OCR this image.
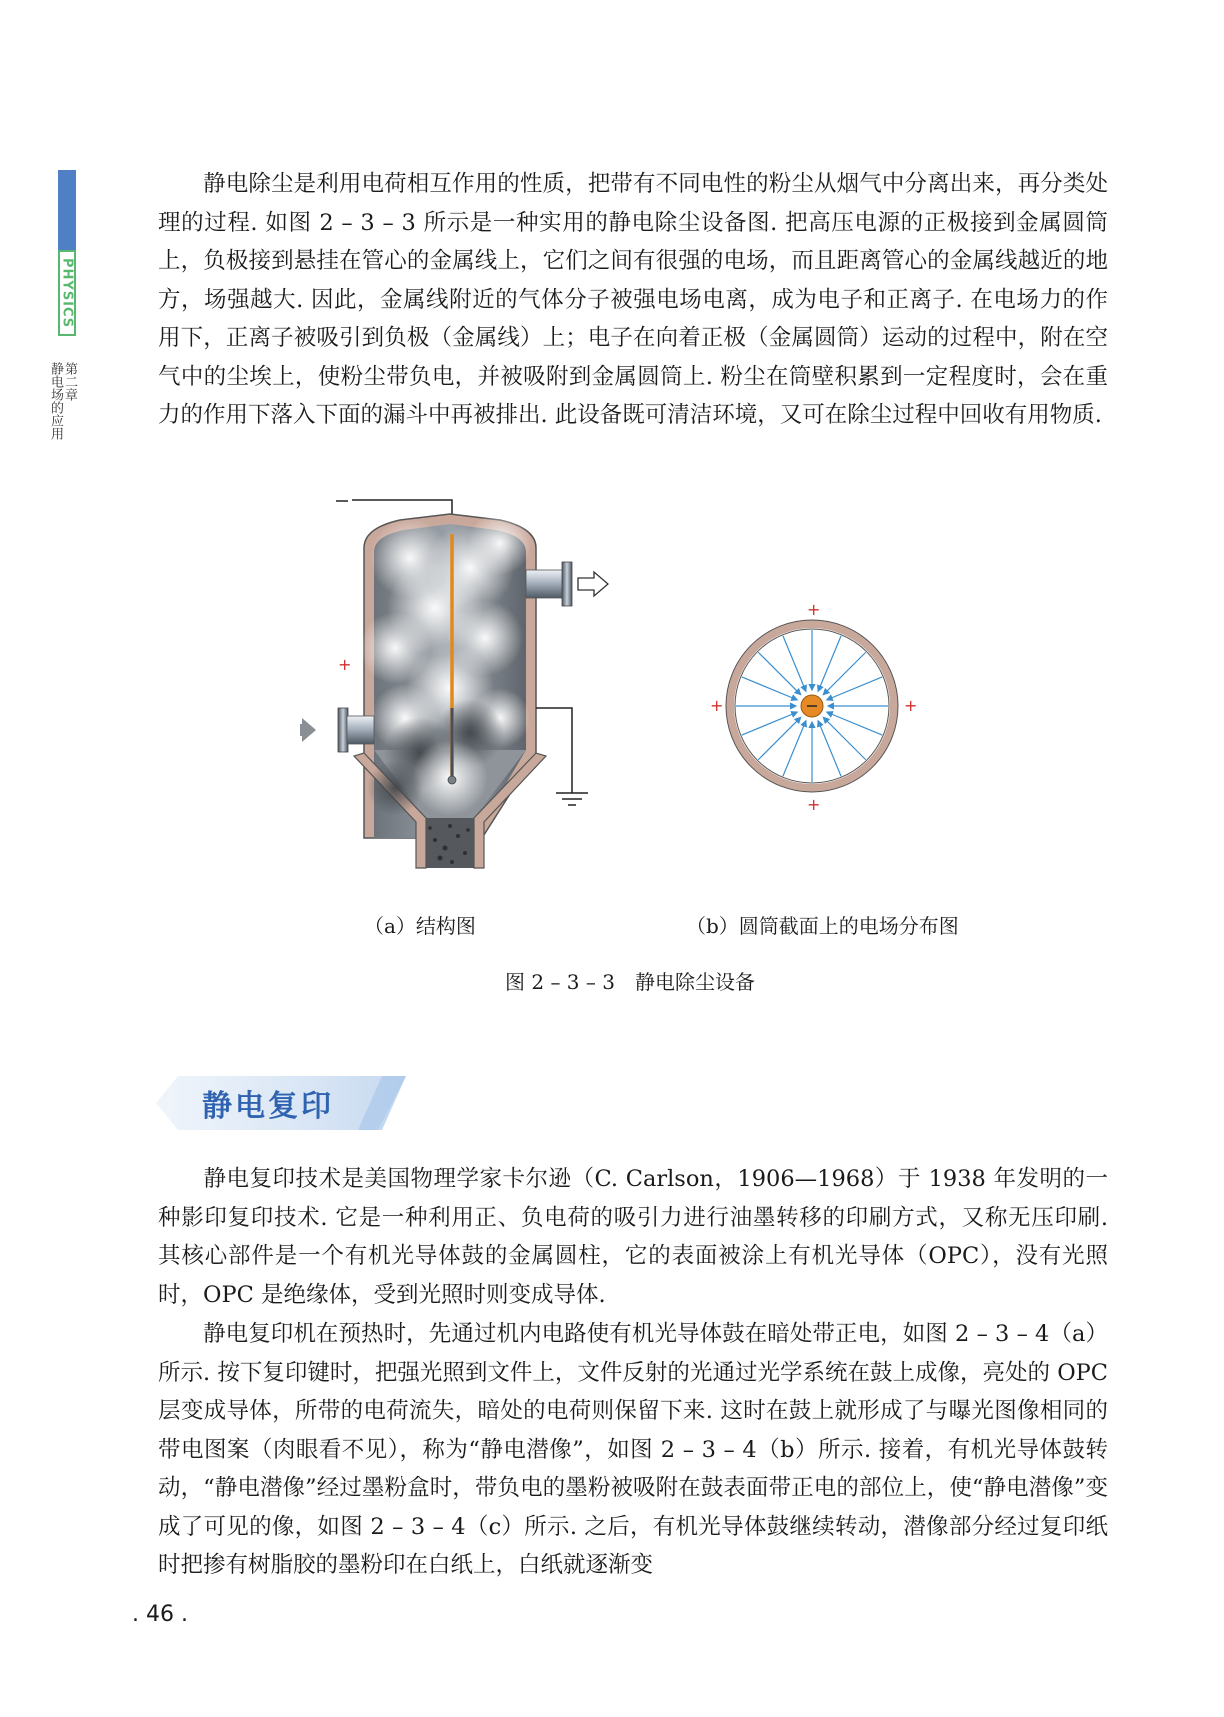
PHYSICS
第二章
静电场的应用

静电除尘是利用电荷相互作用的性质，把带有不同电性的粉尘从烟气中分离出来，再分类处理的过程. 如图 2 – 3 – 3 所示是一种实用的静电除尘设备图. 把高压电源的正极接到金属圆筒上，负极接到悬挂在管心的金属线上，它们之间有很强的电场，而且距离管心的金属线越近的地方，场强越大. 因此，金属线附近的气体分子被强电场电离，成为电子和正离子. 在电场力的作用下，正离子被吸引到负极（金属线）上；电子在向着正极（金属圆筒）运动的过程中，附在空气中的尘埃上，使粉尘带负电，并被吸附到金属圆筒上. 粉尘在筒壁积累到一定程度时，会在重力的作用下落入下面的漏斗中再被排出. 此设备既可清洁环境，又可在除尘过程中回收有用物质.

+
+
+
+	+
（a）结构图	（b）圆筒截面上的电场分布图
图 2 – 3 – 3　静电除尘设备
静电复印

静电复印技术是美国物理学家卡尔逊（C. Carlson，1906—1968）于 1938 年发明的一种影印复印技术. 它是一种利用正、负电荷的吸引力进行油墨转移的印刷方式，又称无压印刷. 其核心部件是一个有机光导体鼓的金属圆柱，它的表面被涂上有机光导体（OPC），没有光照时，OPC 是绝缘体，受到光照时则变成导体.

静电复印机在预热时，先通过机内电路使有机光导体鼓在暗处带正电，如图 2 – 3 – 4（a）所示. 按下复印键时，把强光照到文件上，文件反射的光通过光学系统在鼓上成像，亮处的 OPC 层变成导体，所带的电荷流失，暗处的电荷则保留下来. 这时在鼓上就形成了与曝光图像相同的带电图案（肉眼看不见），称为“静电潜像”，如图 2 – 3 – 4（b）所示. 接着，有机光导体鼓转动，“静电潜像”经过墨粉盒时，带负电的墨粉被吸附在鼓表面带正电的部位上，使“静电潜像”变成了可见的像，如图 2 – 3 – 4（c）所示. 之后，有机光导体鼓继续转动，潜像部分经过复印纸时把掺有树脂胶的墨粉印在白纸上，白纸就逐渐变

. 46 .
